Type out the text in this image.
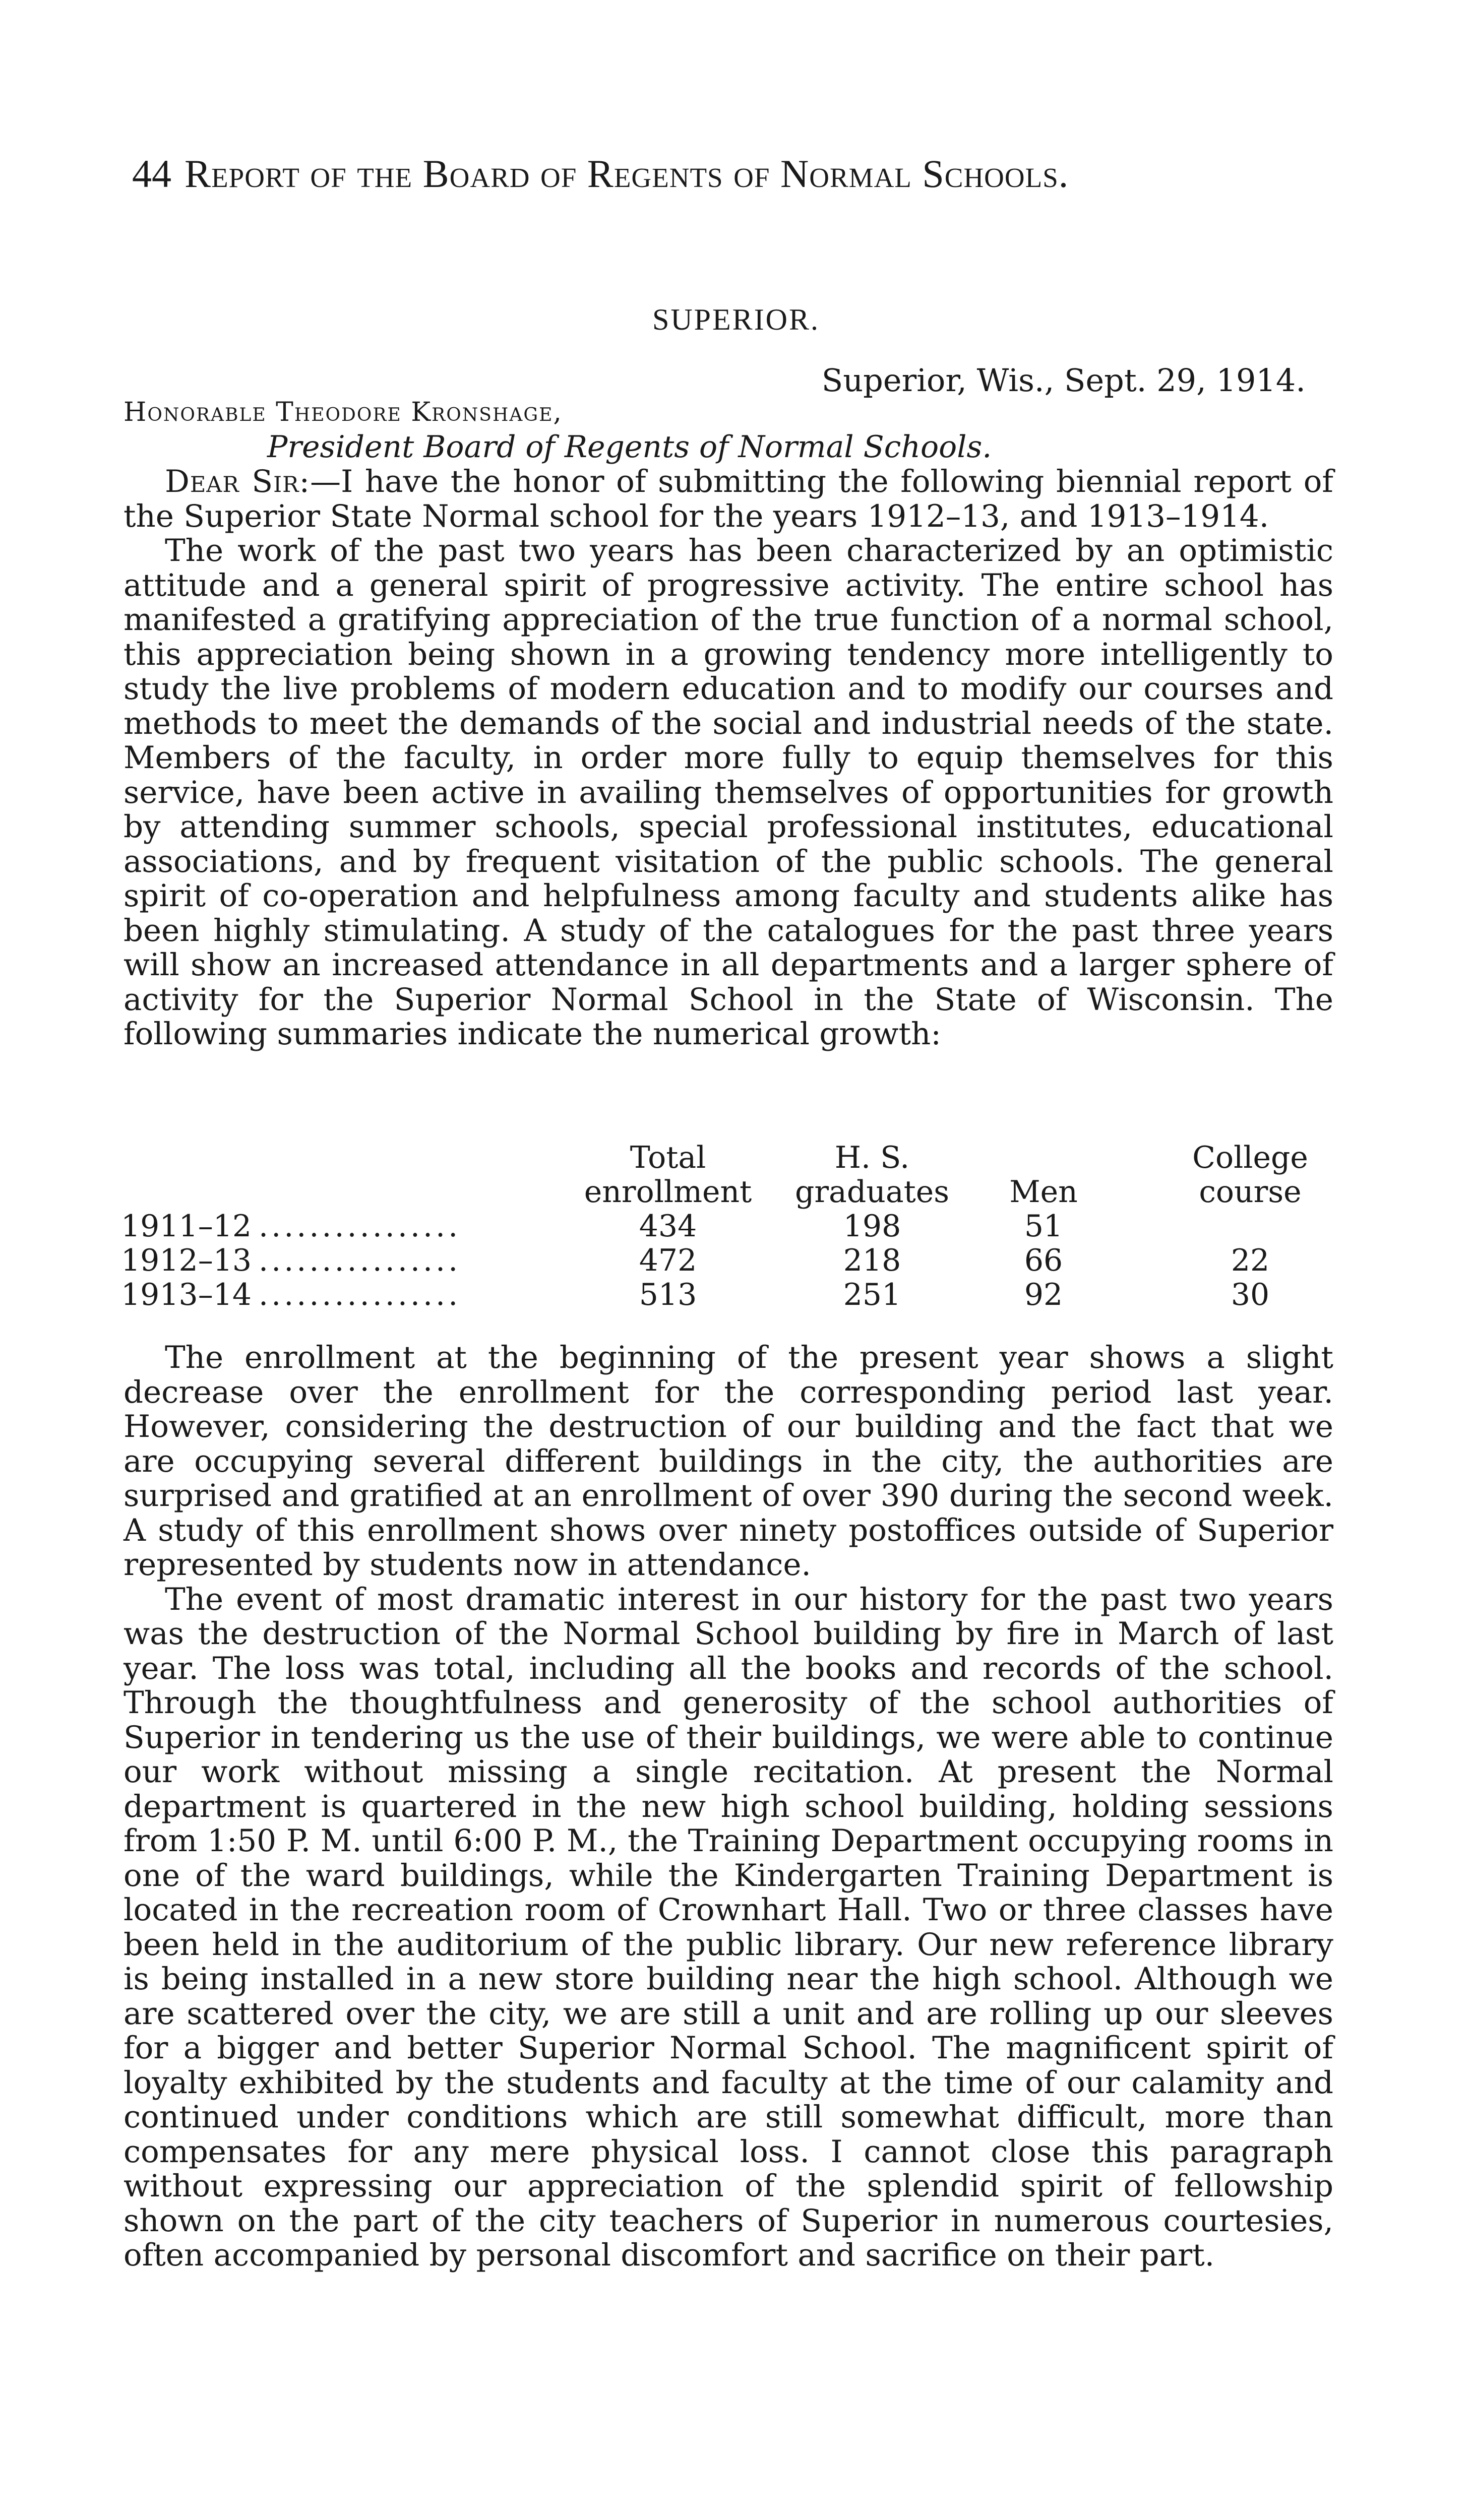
44 Report of the Board of Regents of Normal Schools.
SUPERIOR.
Superior, Wis., Sept. 29, 1914.
Honorable Theodore Kronshage,
President Board of Regents of Normal Schools.

Dear Sir:—I have the honor of submitting the following biennial report of the Superior State Normal school for the years 1912–13, and 1913–1914.

The work of the past two years has been characterized by an optimistic attitude and a general spirit of progressive activity. The entire school has manifested a gratifying appreciation of the true function of a normal school, this appreciation being shown in a growing tendency more intelligently to study the live problems of modern education and to modify our courses and methods to meet the demands of the social and industrial needs of the state. Members of the faculty, in order more fully to equip themselves for this service, have been active in availing themselves of opportunities for growth by attending summer schools, special professional institutes, educational associations, and by frequent visitation of the public schools. The general spirit of co-operation and helpfulness among faculty and students alike has been highly stimulating. A study of the catalogues for the past three years will show an increased attendance in all departments and a larger sphere of activity for the Superior Normal School in the State of Wisconsin. The following summaries indicate the numerical growth:

Total	H. S.	College
enrollment	graduates	Men	course
1911–12 ................	434	198	51
1912–13 ................	472	218	66	22
1913–14 ................	513	251	92	30

The enrollment at the beginning of the present year shows a slight decrease over the enrollment for the corresponding period last year. However, considering the destruction of our building and the fact that we are occupying several different buildings in the city, the authorities are surprised and gratified at an enrollment of over 390 during the second week. A study of this enrollment shows over ninety postoffices outside of Superior represented by students now in attendance.

The event of most dramatic interest in our history for the past two years was the destruction of the Normal School building by fire in March of last year. The loss was total, including all the books and records of the school. Through the thoughtfulness and generosity of the school authorities of Superior in tendering us the use of their buildings, we were able to continue our work without missing a single recitation. At present the Normal department is quartered in the new high school building, holding sessions from 1:50 P. M. until 6:00 P. M., the Training Department occupying rooms in one of the ward buildings, while the Kindergarten Training Department is located in the recreation room of Crownhart Hall. Two or three classes have been held in the auditorium of the public library. Our new reference library is being installed in a new store building near the high school. Although we are scattered over the city, we are still a unit and are rolling up our sleeves for a bigger and better Superior Normal School. The magnificent spirit of loyalty exhibited by the students and faculty at the time of our calamity and continued under conditions which are still somewhat difficult, more than compensates for any mere physical loss. I cannot close this paragraph without expressing our appreciation of the splendid spirit of fellowship shown on the part of the city teachers of Superior in numerous courtesies, often accompanied by personal discomfort and sacrifice on their part.
